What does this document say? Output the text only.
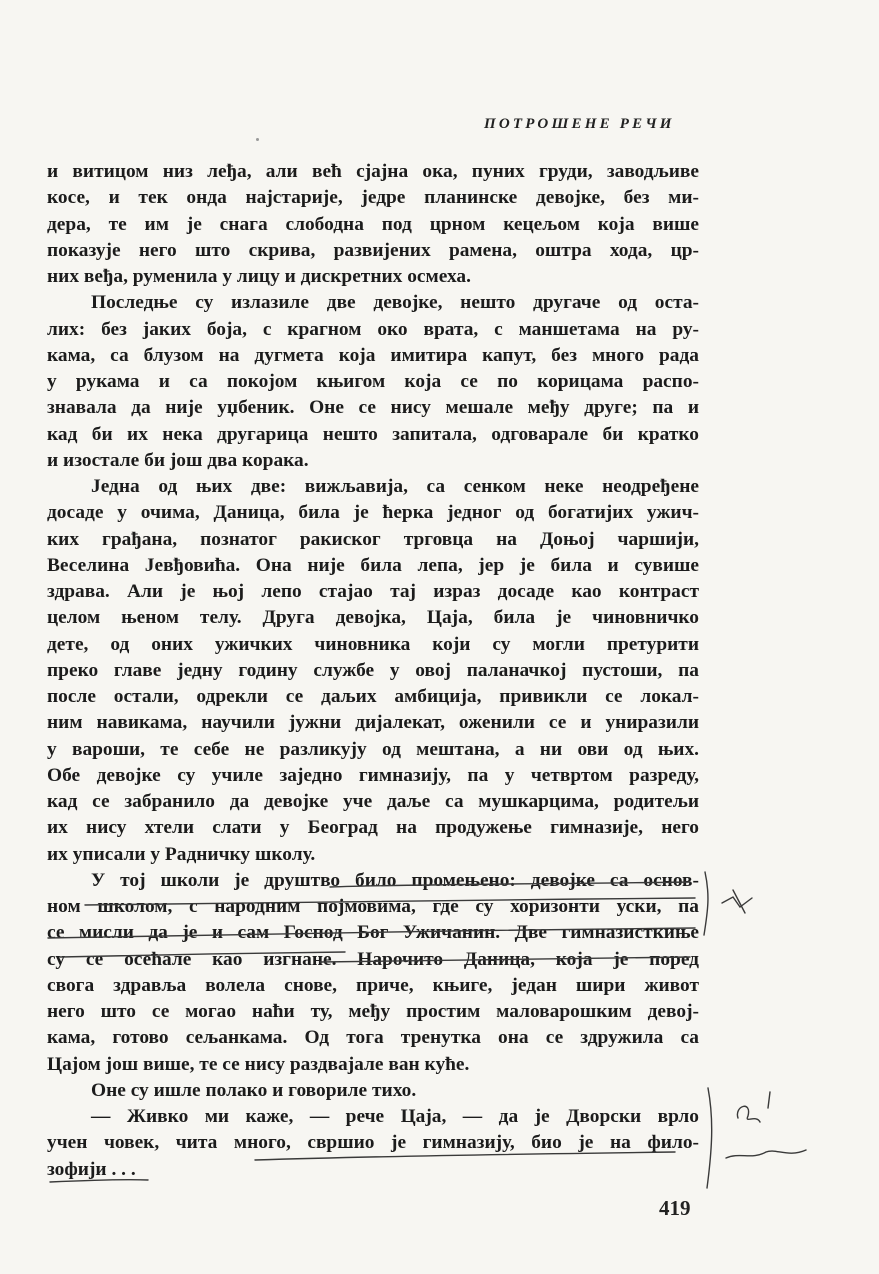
ПОТРОШЕНЕ РЕЧИ
и витицом низ леђа, али већ сјајна ока, пуних груди, заводљиве
косе, и тек онда најстарије, једре планинске девојке, без ми-
дера, те им је снага слободна под црном кецељом која више
показује него што скрива, развијених рамена, оштра хода, цр-
них веђа, руменила у лицу и дискретних осмеха.
Последње су излазиле две девојке, нешто другаче од оста-
лих: без јаких боја, с крагном око врата, с маншетама на ру-
кама, са блузом на дугмета која имитира капут, без много рада
у рукама и са покојом књигом која се по корицама распо-
знавала да није уџбеник. Оне се нису мешале међу друге; па и
кад би их нека другарица нешто запитала, одговарале би кратко
и изостале би још два корака.
Једна од њих две: вижљавија, са сенком неке неодређене
досаде у очима, Даница, била је ћерка једног од богатијих ужич-
ких грађана, познатог ракиског трговца на Доњој чаршији,
Веселина Јевђовића. Она није била лепа, јер је била и сувише
здрава. Али је њој лепо стајао тај израз досаде као контраст
целом њеном телу. Друга девојка, Цаја, била је чиновничко
дете, од оних ужичких чиновника који су могли претурити
преко главе једну годину службе у овој паланачкој пустоши, па
после остали, одрекли се даљих амбиција, привикли се локал-
ним навикама, научили јужни дијалекат, оженили се и униразили
у вароши, те себе не разликују од мештана, а ни ови од њих.
Обе девојке су училе заједно гимназију, па у четвртом разреду,
кад се забранило да девојке уче даље са мушкарцима, родитељи
их нису хтели слати у Београд на продужење гимназије, него
их уписали у Радничку школу.
У тој школи је друштво било промењено: девојке са основ-
ном школом, с народним појмовима, где су хоризонти уски, па
се мисли да је и сам Господ Бог Ужичанин. Две гимназисткиње
су се осећале као изгнане. Нарочито Даница, која је поред
свога здравља волела снове, приче, књиге, један шири живот
него што се могао наћи ту, међу простим маловарошким девој-
кама, готово сељанкама. Од тога тренутка она се здружила са
Цајом још више, те се нису раздвајале ван куће.
Оне су ишле полако и говориле тихо.
— Живко ми каже, — рече Цаја, — да је Дворски врло
учен човек, чита много, свршио је гимназију, био је на фило-
зофији . . .
419
